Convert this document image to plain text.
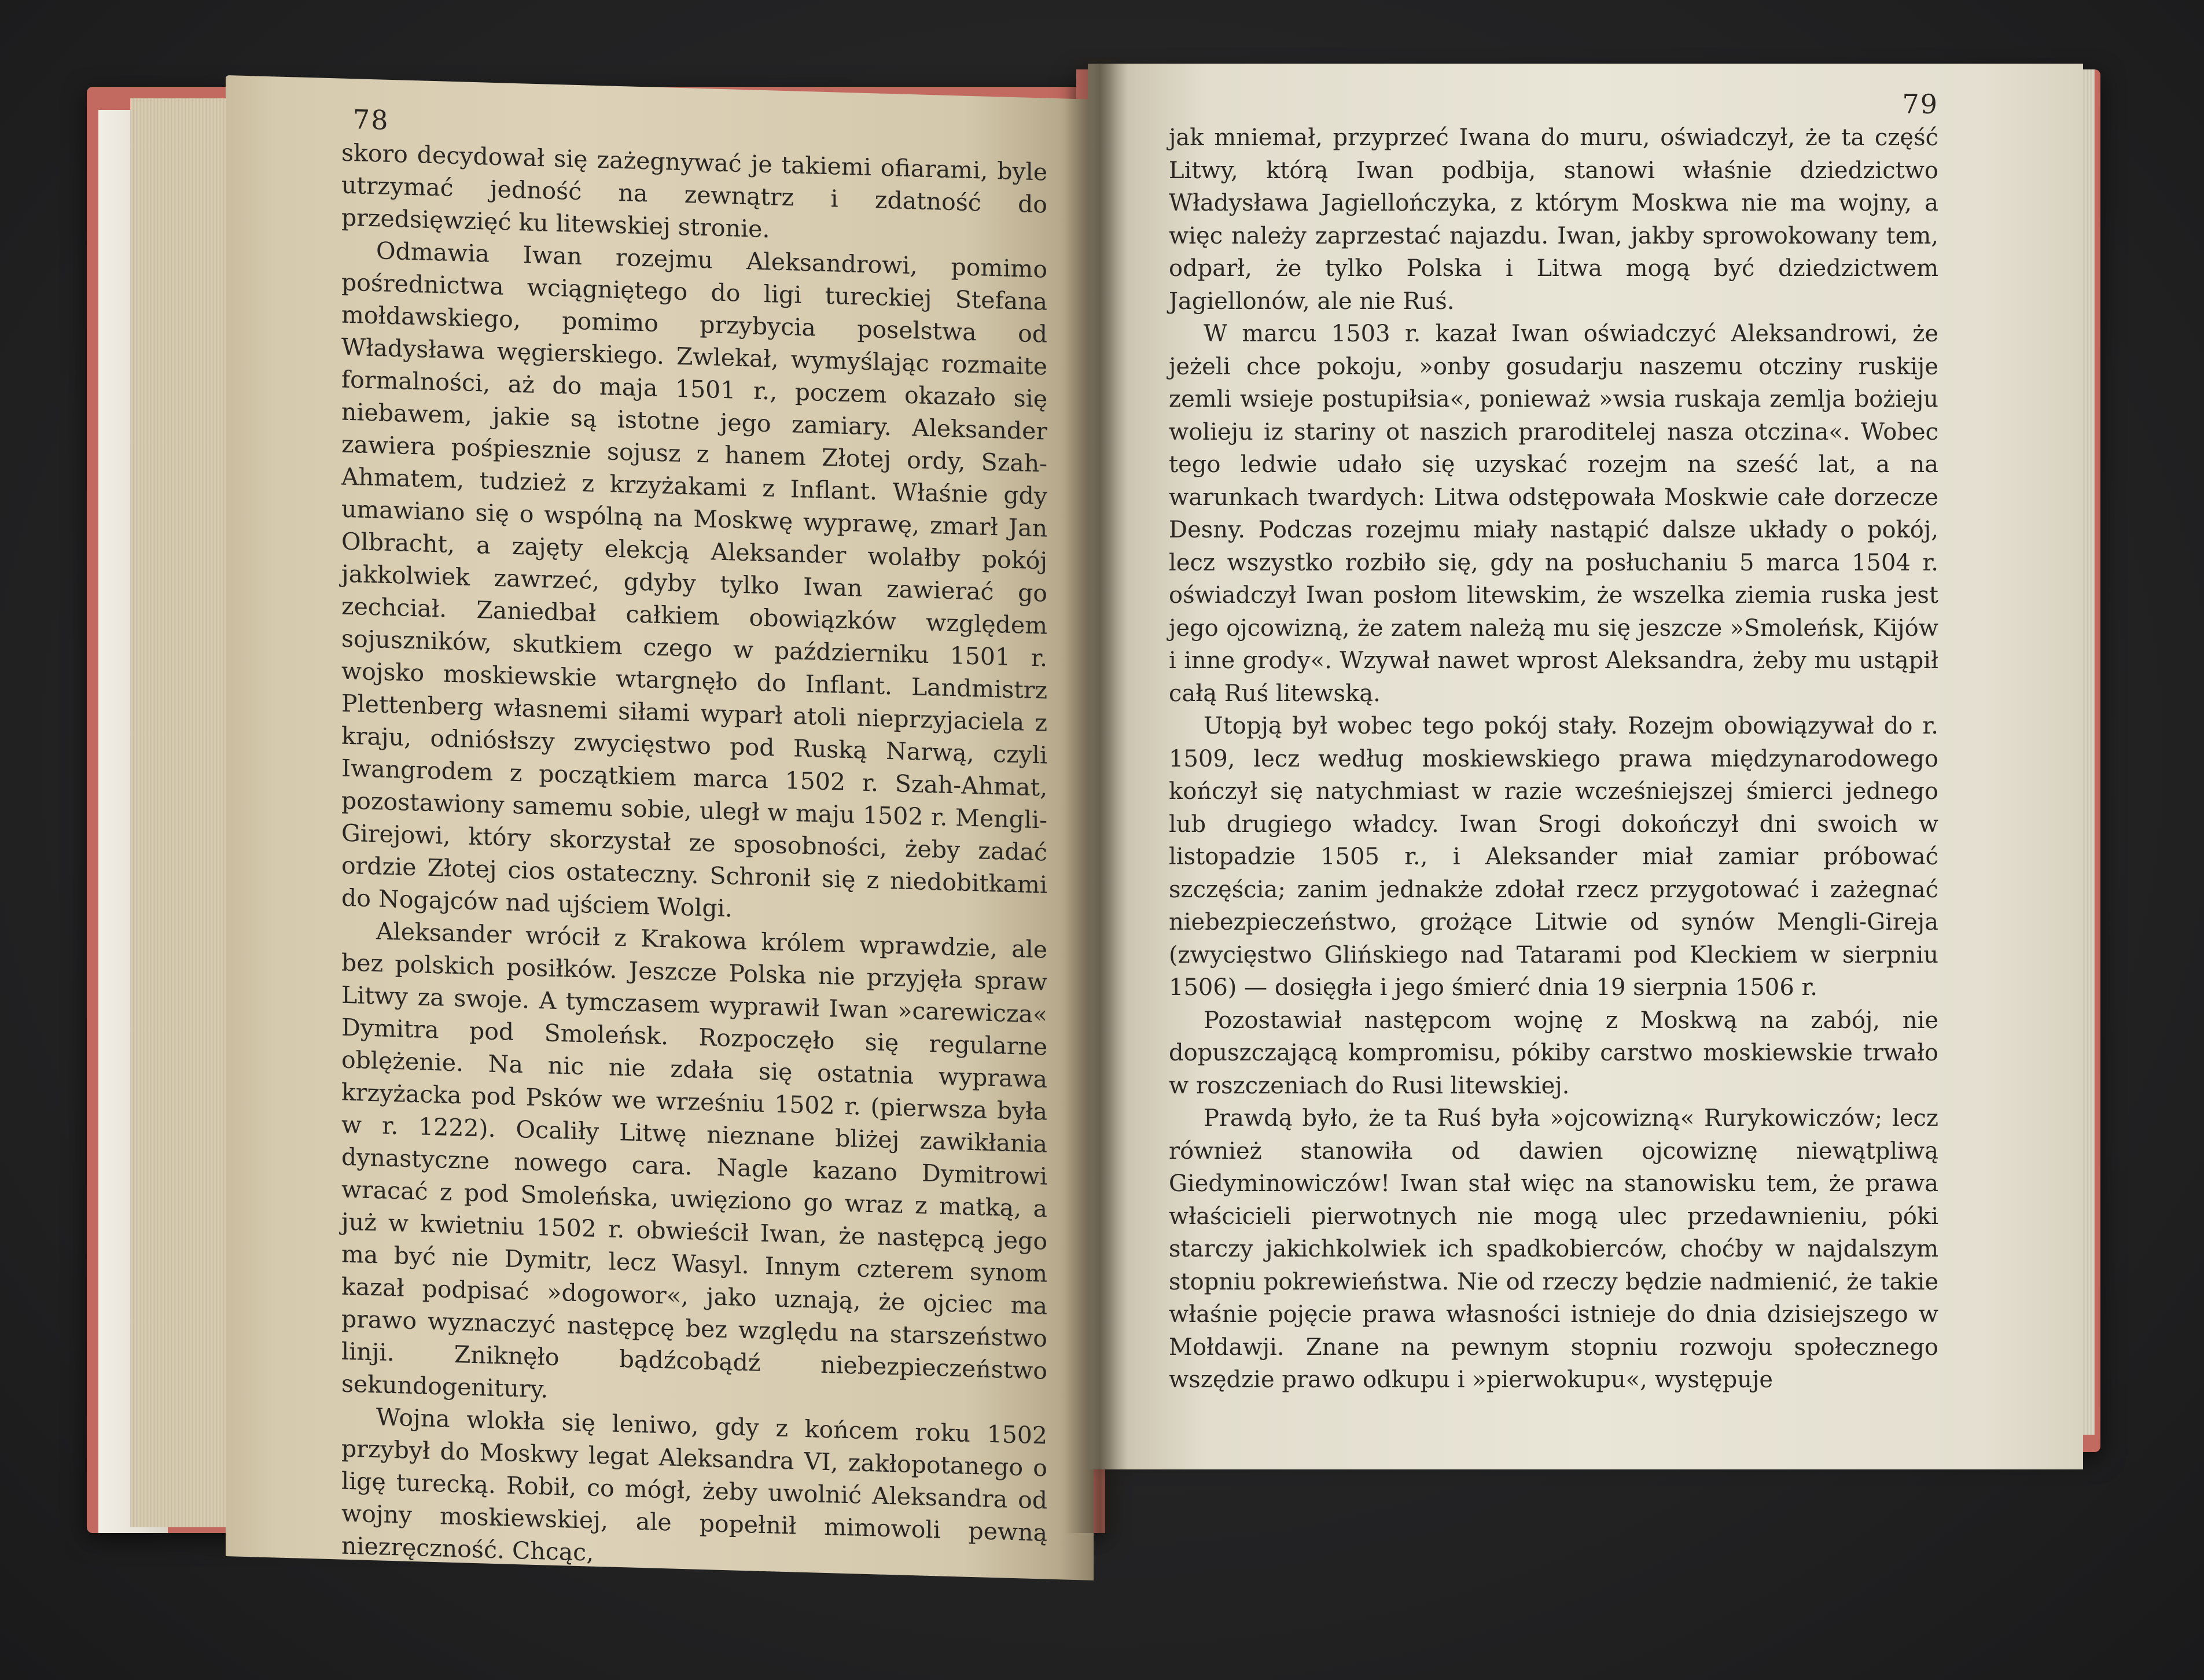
78

skoro decydował się zażegnywać je takiemi ofiarami, byle utrzymać jedność na zewnątrz i zdatność do przedsięwzięć ku litewskiej stronie.

Odmawia Iwan rozejmu Aleksandrowi, pomimo pośrednictwa wciągniętego do ligi tureckiej Stefana mołdawskiego, pomimo przybycia poselstwa od Władysława węgierskiego. Zwlekał, wymyślając rozmaite formalności, aż do maja 1501 r., poczem okazało się niebawem, jakie są istotne jego zamiary. Aleksander zawiera pośpiesznie sojusz z hanem Złotej ordy, Szah-Ahmatem, tudzież z krzyżakami z Inflant. Właśnie gdy umawiano się o wspólną na Moskwę wyprawę, zmarł Jan Olbracht, a zajęty elekcją Aleksander wolałby pokój jakkolwiek zawrzeć, gdyby tylko Iwan zawierać go zechciał. Zaniedbał całkiem obowiązków względem sojuszników, skutkiem czego w październiku 1501 r. wojsko moskiewskie wtargnęło do Inflant. Landmistrz Plettenberg własnemi siłami wyparł atoli nieprzyjaciela z kraju, odniósłszy zwycięstwo pod Ruską Narwą, czyli Iwangrodem z początkiem marca 1502 r. Szah-Ahmat, pozostawiony samemu sobie, uległ w maju 1502 r. Mengli-Girejowi, który skorzystał ze sposobności, żeby zadać ordzie Złotej cios ostateczny. Schronił się z niedobitkami do Nogajców nad ujściem Wolgi.

Aleksander wrócił z Krakowa królem wprawdzie, ale bez polskich posiłków. Jeszcze Polska nie przyjęła spraw Litwy za swoje. A tymczasem wyprawił Iwan »carewicza« Dymitra pod Smoleńsk. Rozpoczęło się regularne oblężenie. Na nic nie zdała się ostatnia wyprawa krzyżacka pod Psków we wrześniu 1502 r. (pierwsza była w r. 1222). Ocaliły Litwę nieznane bliżej zawikłania dynastyczne nowego cara. Nagle kazano Dymitrowi wracać z pod Smoleńska, uwięziono go wraz z matką, a już w kwietniu 1502 r. obwieścił Iwan, że następcą jego ma być nie Dymitr, lecz Wasyl. Innym czterem synom kazał podpisać »dogowor«, jako uznają, że ojciec ma prawo wyznaczyć następcę bez względu na starszeństwo linji. Zniknęło bądźcobądź niebezpieczeństwo sekundogenitury.

Wojna wlokła się leniwo, gdy z końcem roku 1502 przybył do Moskwy legat Aleksandra VI, zakłopotanego o ligę turecką. Robił, co mógł, żeby uwolnić Aleksandra od wojny moskiewskiej, ale popełnił mimowoli pewną niezręczność. Chcąc,

79

jak mniemał, przyprzeć Iwana do muru, oświadczył, że ta część Litwy, którą Iwan podbija, stanowi właśnie dziedzictwo Władysława Jagiellończyka, z którym Moskwa nie ma wojny, a więc należy zaprzestać najazdu. Iwan, jakby sprowokowany tem, odparł, że tylko Polska i Litwa mogą być dziedzictwem Jagiellonów, ale nie Ruś.

W marcu 1503 r. kazał Iwan oświadczyć Aleksandrowi, że jeżeli chce pokoju, »onby gosudarju naszemu otcziny ruskije zemli wsieje postupiłsia«, ponieważ »wsia ruskaja zemlja bożieju wolieju iz stariny ot naszich praroditelej nasza otczina«. Wobec tego ledwie udało się uzyskać rozejm na sześć lat, a na warunkach twardych: Litwa odstępowała Moskwie całe dorzecze Desny. Podczas rozejmu miały nastąpić dalsze układy o pokój, lecz wszystko rozbiło się, gdy na posłuchaniu 5 marca 1504 r. oświadczył Iwan posłom litewskim, że wszelka ziemia ruska jest jego ojcowizną, że zatem należą mu się jeszcze »Smoleńsk, Kijów i inne grody«. Wzywał nawet wprost Aleksandra, żeby mu ustąpił całą Ruś litewską.

Utopją był wobec tego pokój stały. Rozejm obowiązywał do r. 1509, lecz według moskiewskiego prawa międzynarodowego kończył się natychmiast w razie wcześniejszej śmierci jednego lub drugiego władcy. Iwan Srogi dokończył dni swoich w listopadzie 1505 r., i Aleksander miał zamiar próbować szczęścia; zanim jednakże zdołał rzecz przygotować i zażegnać niebezpieczeństwo, grożące Litwie od synów Mengli-Gireja (zwycięstwo Glińskiego nad Tatarami pod Kleckiem w sierpniu 1506) — dosięgła i jego śmierć dnia 19 sierpnia 1506 r.

Pozostawiał następcom wojnę z Moskwą na zabój, nie dopuszczającą kompromisu, pókiby carstwo moskiewskie trwało w roszczeniach do Rusi litewskiej.

Prawdą było, że ta Ruś była »ojcowizną« Rurykowiczów; lecz również stanowiła od dawien ojcowiznę niewątpliwą Giedyminowiczów! Iwan stał więc na stanowisku tem, że prawa właścicieli pierwotnych nie mogą ulec przedawnieniu, póki starczy jakichkolwiek ich spadkobierców, choćby w najdalszym stopniu pokrewieństwa. Nie od rzeczy będzie nadmienić, że takie właśnie pojęcie prawa własności istnieje do dnia dzisiejszego w Mołdawji. Znane na pewnym stopniu rozwoju społecznego wszędzie prawo odkupu i »pierwokupu«, występuje
